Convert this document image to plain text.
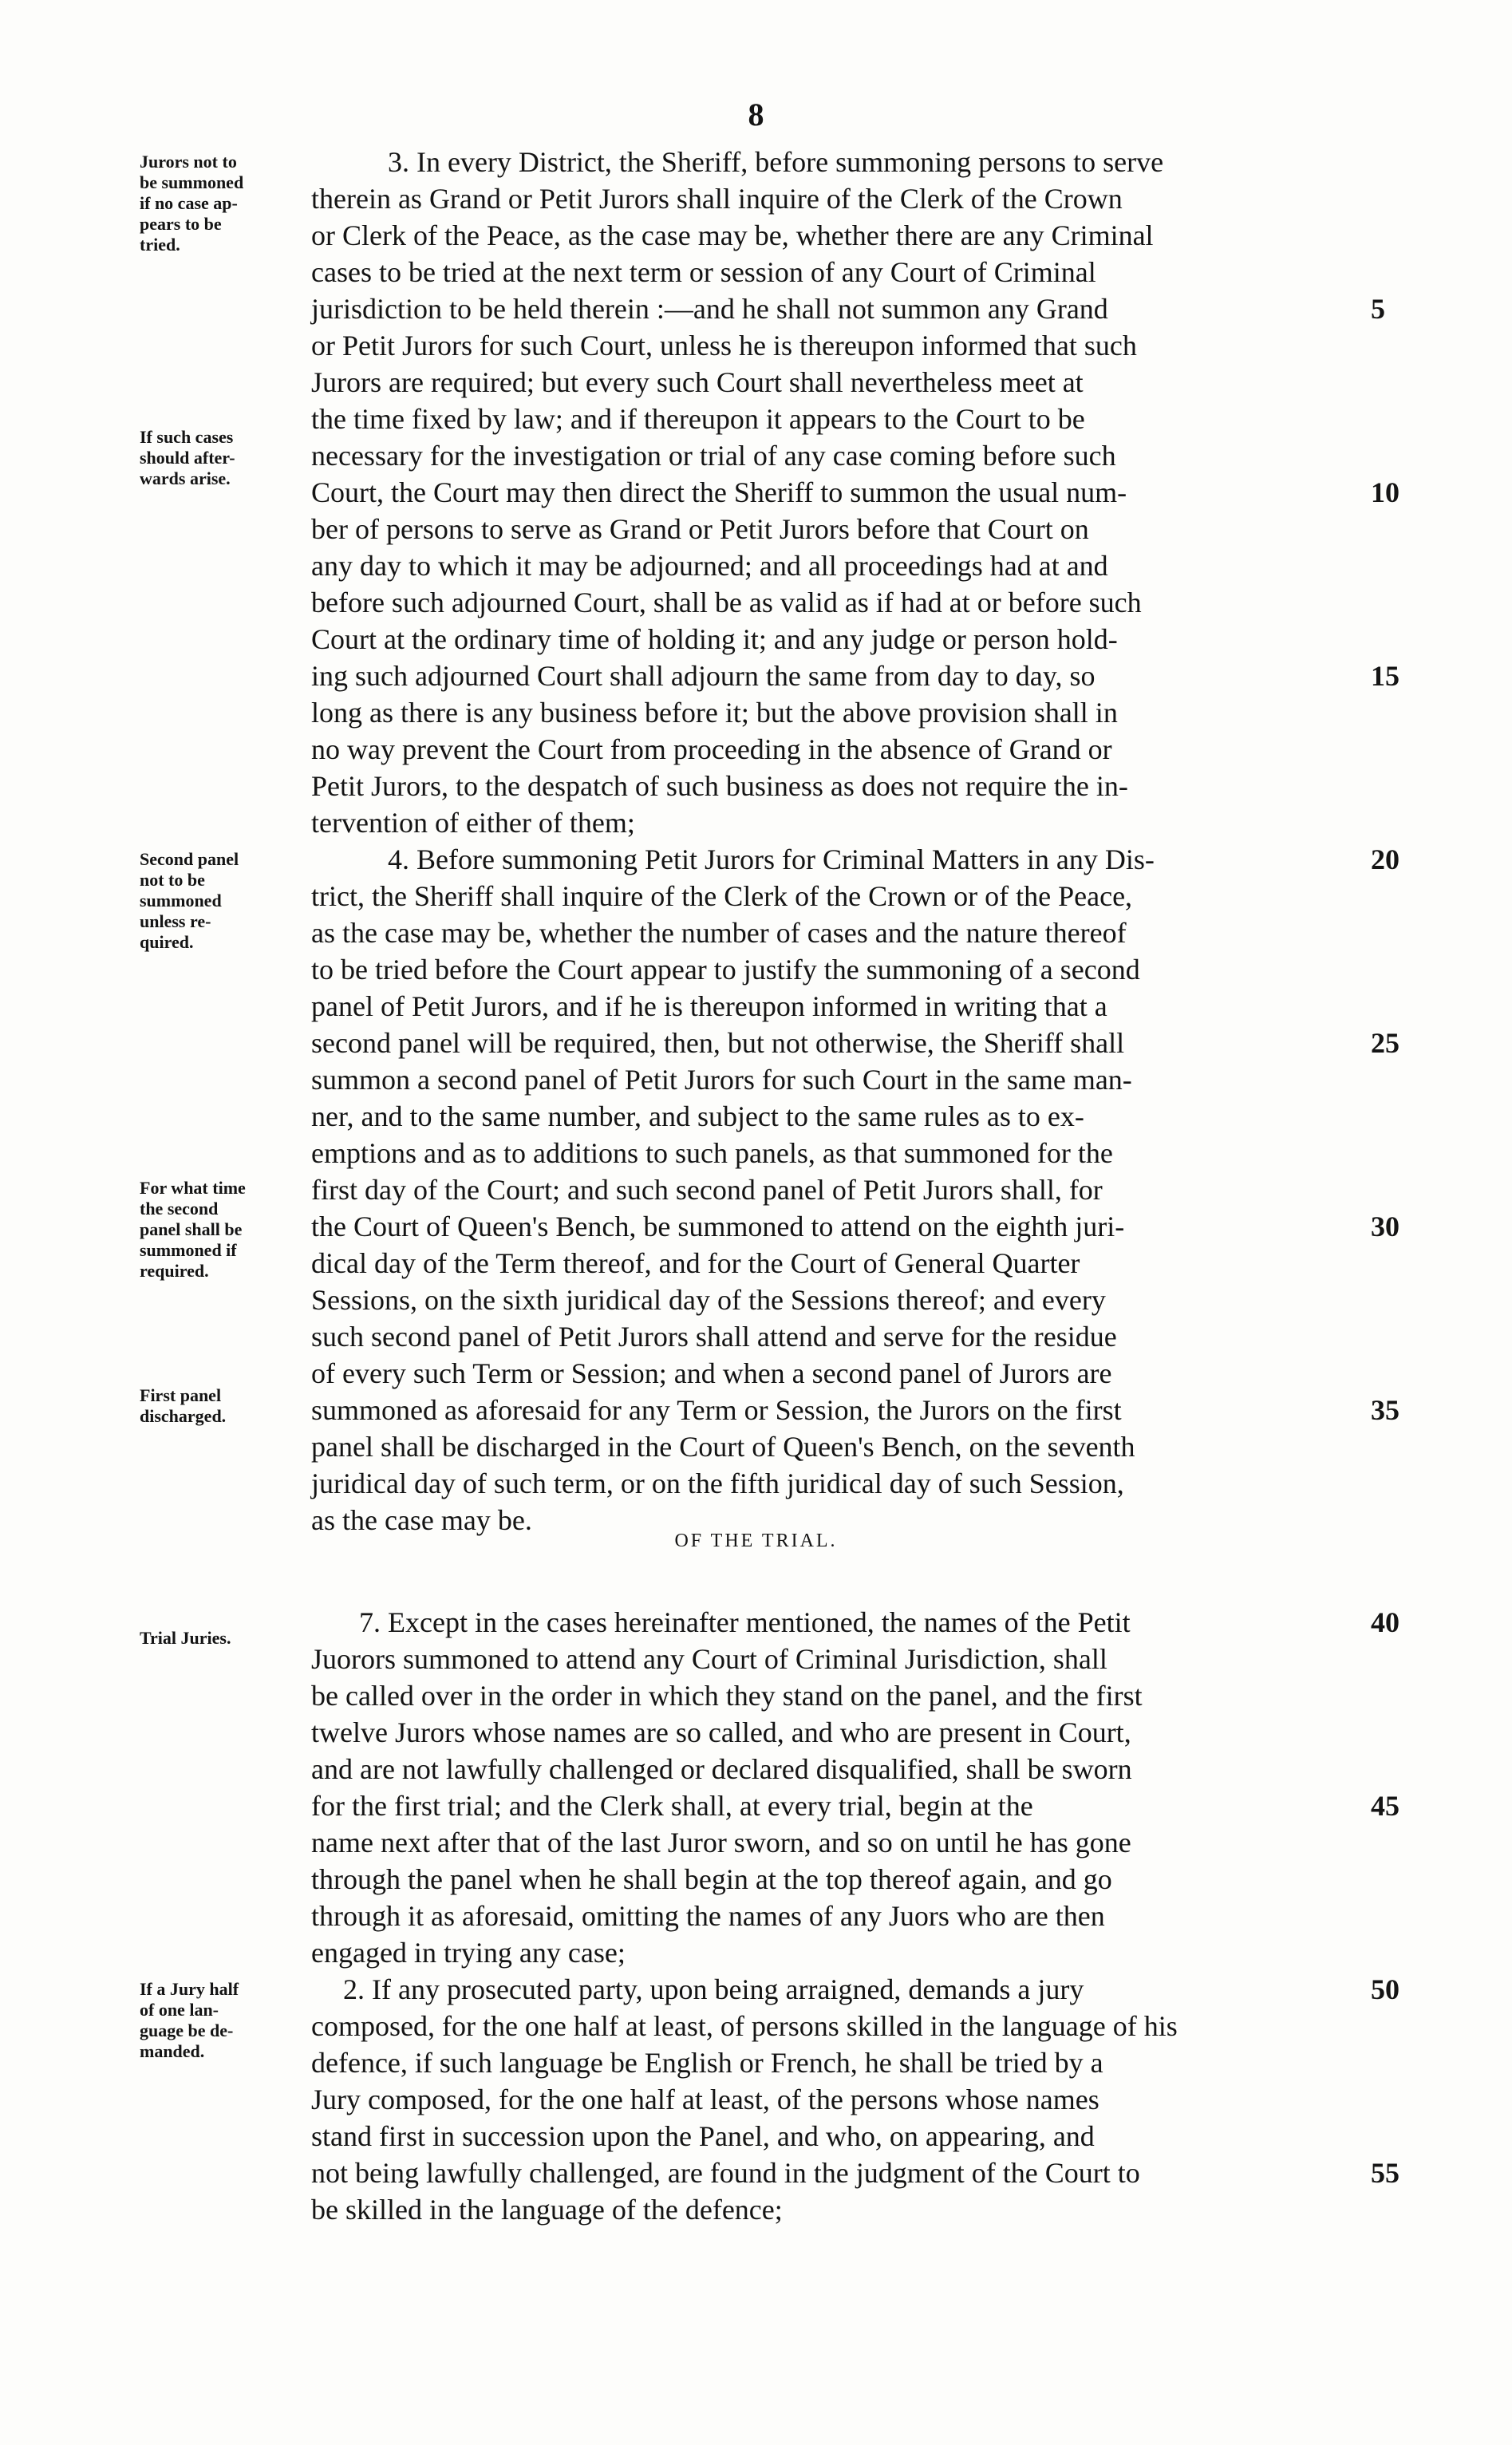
8
OF THE TRIAL.
Jurors not to
be summoned
if no case ap-
pears to be
tried.
If such cases
should after-
wards arise.
Second panel
not to be
summoned
unless re-
quired.
For what time
the second
panel shall be
summoned if
required.
First panel
discharged.
Trial Juries.
If a Jury half
of one lan-
guage be de-
manded.
3. In every District, the Sheriff, before summoning persons to serve
therein as Grand or Petit Jurors shall inquire of the Clerk of the Crown
or Clerk of the Peace, as the case may be, whether there are any Criminal
cases to be tried at the next term or session of any Court of Criminal
jurisdiction to be held therein :—and he shall not summon any Grand	5
or Petit Jurors for such Court, unless he is thereupon informed that such
Jurors are required; but every such Court shall nevertheless meet at
the time fixed by law; and if thereupon it appears to the Court to be
necessary for the investigation or trial of any case coming before such
Court, the Court may then direct the Sheriff to summon the usual num-	10
ber of persons to serve as Grand or Petit Jurors before that Court on
any day to which it may be adjourned; and all proceedings had at and
before such adjourned Court, shall be as valid as if had at or before such
Court at the ordinary time of holding it; and any judge or person hold-
ing such adjourned Court shall adjourn the same from day to day, so	15
long as there is any business before it; but the above provision shall in
no way prevent the Court from proceeding in the absence of Grand or
Petit Jurors, to the despatch of such business as does not require the in-
tervention of either of them;
4. Before summoning Petit Jurors for Criminal Matters in any Dis-	20
trict, the Sheriff shall inquire of the Clerk of the Crown or of the Peace,
as the case may be, whether the number of cases and the nature thereof
to be tried before the Court appear to justify the summoning of a second
panel of Petit Jurors, and if he is thereupon informed in writing that a
second panel will be required, then, but not otherwise, the Sheriff shall	25
summon a second panel of Petit Jurors for such Court in the same man-
ner, and to the same number, and subject to the same rules as to ex-
emptions and as to additions to such panels, as that summoned for the
first day of the Court; and such second panel of Petit Jurors shall, for
the Court of Queen's Bench, be summoned to attend on the eighth juri-	30
dical day of the Term thereof, and for the Court of General Quarter
Sessions, on the sixth juridical day of the Sessions thereof; and every
such second panel of Petit Jurors shall attend and serve for the residue
of every such Term or Session; and when a second panel of Jurors are
summoned as aforesaid for any Term or Session, the Jurors on the first	35
panel shall be discharged in the Court of Queen's Bench, on the seventh
juridical day of such term, or on the fifth juridical day of such Session,
as the case may be.
7. Except in the cases hereinafter mentioned, the names of the Petit	40
Juorors summoned to attend any Court of Criminal Jurisdiction, shall
be called over in the order in which they stand on the panel, and the first
twelve Jurors whose names are so called, and who are present in Court,
and are not lawfully challenged or declared disqualified, shall be sworn
for the first trial; and the Clerk shall, at every trial, begin at the	45
name next after that of the last Juror sworn, and so on until he has gone
through the panel when he shall begin at the top thereof again, and go
through it as aforesaid, omitting the names of any Juors who are then
engaged in trying any case;
2. If any prosecuted party, upon being arraigned, demands a jury	50
composed, for the one half at least, of persons skilled in the language of his
defence, if such language be English or French, he shall be tried by a
Jury composed, for the one half at least, of the persons whose names
stand first in succession upon the Panel, and who, on appearing, and
not being lawfully challenged, are found in the judgment of the Court to	55
be skilled in the language of the defence;
